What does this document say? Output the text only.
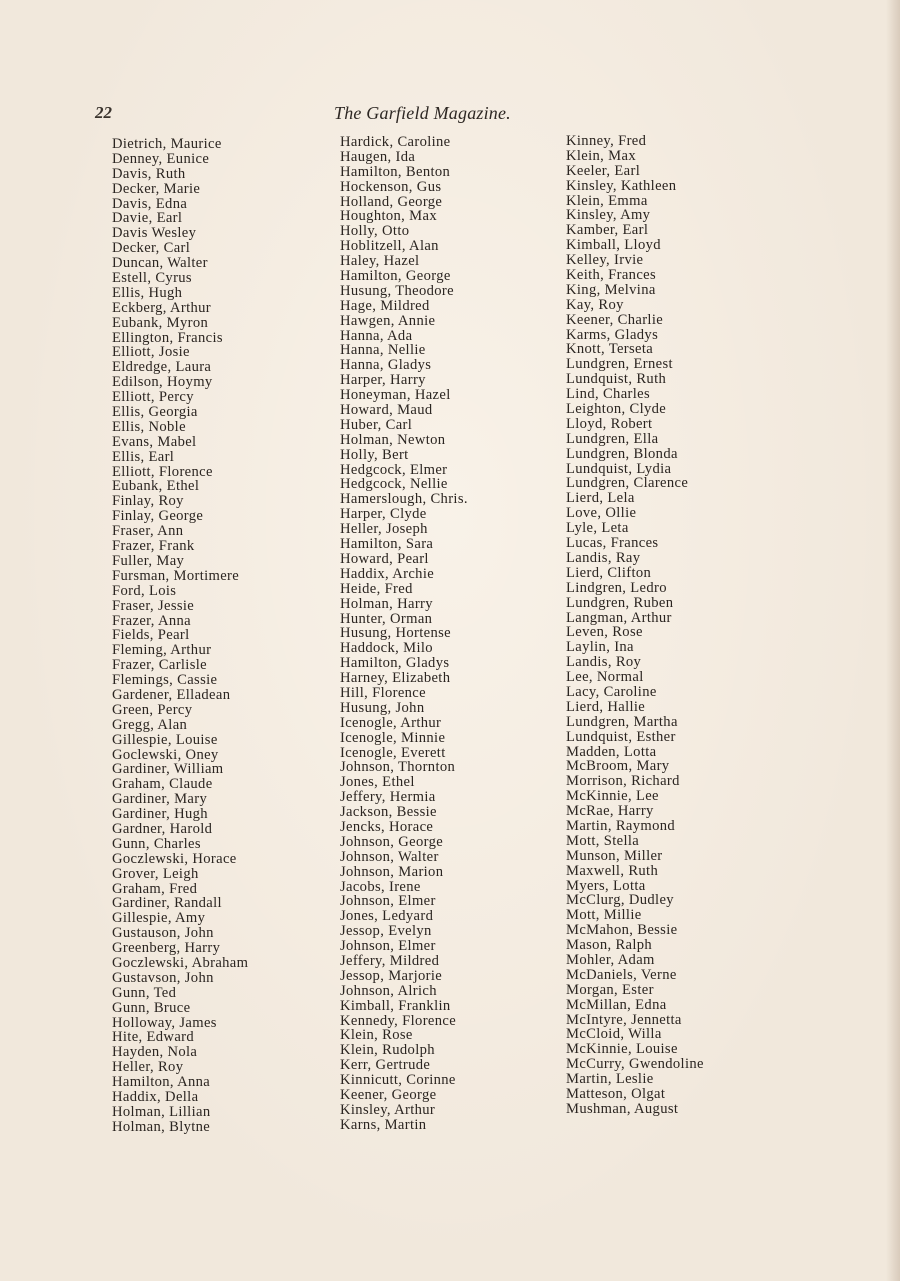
22	The Garfield Magazine.
Dietrich, Maurice
Denney, Eunice
Davis, Ruth
Decker, Marie
Davis, Edna
Davie, Earl
Davis Wesley
Decker, Carl
Duncan, Walter
Estell, Cyrus
Ellis, Hugh
Eckberg, Arthur
Eubank, Myron
Ellington, Francis
Elliott, Josie
Eldredge, Laura
Edilson, Hoymy
Elliott, Percy
Ellis, Georgia
Ellis, Noble
Evans, Mabel
Ellis, Earl
Elliott, Florence
Eubank, Ethel
Finlay, Roy
Finlay, George
Fraser, Ann
Frazer, Frank
Fuller, May
Fursman, Mortimere
Ford, Lois
Fraser, Jessie
Frazer, Anna
Fields, Pearl
Fleming, Arthur
Frazer, Carlisle
Flemings, Cassie
Gardener, Elladean
Green, Percy
Gregg, Alan
Gillespie, Louise
Goclewski, Oney
Gardiner, William
Graham, Claude
Gardiner, Mary
Gardiner, Hugh
Gardner, Harold
Gunn, Charles
Goczlewski, Horace
Grover, Leigh
Graham, Fred
Gardiner, Randall
Gillespie, Amy
Gustauson, John
Greenberg, Harry
Goczlewski, Abraham
Gustavson, John
Gunn, Ted
Gunn, Bruce
Holloway, James
Hite, Edward
Hayden, Nola
Heller, Roy
Hamilton, Anna
Haddix, Della
Holman, Lillian
Holman, Blytne
Hardick, Caroline
Haugen, Ida
Hamilton, Benton
Hockenson, Gus
Holland, George
Houghton, Max
Holly, Otto
Hoblitzell, Alan
Haley, Hazel
Hamilton, George
Husung, Theodore
Hage, Mildred
Hawgen, Annie
Hanna, Ada
Hanna, Nellie
Hanna, Gladys
Harper, Harry
Honeyman, Hazel
Howard, Maud
Huber, Carl
Holman, Newton
Holly, Bert
Hedgcock, Elmer
Hedgcock, Nellie
Hamerslough, Chris.
Harper, Clyde
Heller, Joseph
Hamilton, Sara
Howard, Pearl
Haddix, Archie
Heide, Fred
Holman, Harry
Hunter, Orman
Husung, Hortense
Haddock, Milo
Hamilton, Gladys
Harney, Elizabeth
Hill, Florence
Husung, John
Icenogle, Arthur
Icenogle, Minnie
Icenogle, Everett
Johnson, Thornton
Jones, Ethel
Jeffery, Hermia
Jackson, Bessie
Jencks, Horace
Johnson, George
Johnson, Walter
Johnson, Marion
Jacobs, Irene
Johnson, Elmer
Jones, Ledyard
Jessop, Evelyn
Johnson, Elmer
Jeffery, Mildred
Jessop, Marjorie
Johnson, Alrich
Kimball, Franklin
Kennedy, Florence
Klein, Rose
Klein, Rudolph
Kerr, Gertrude
Kinnicutt, Corinne
Keener, George
Kinsley, Arthur
Karns, Martin
Kinney, Fred
Klein, Max
Keeler, Earl
Kinsley, Kathleen
Klein, Emma
Kinsley, Amy
Kamber, Earl
Kimball, Lloyd
Kelley, Irvie
Keith, Frances
King, Melvina
Kay, Roy
Keener, Charlie
Karms, Gladys
Knott, Terseta
Lundgren, Ernest
Lundquist, Ruth
Lind, Charles
Leighton, Clyde
Lloyd, Robert
Lundgren, Ella
Lundgren, Blonda
Lundquist, Lydia
Lundgren, Clarence
Lierd, Lela
Love, Ollie
Lyle, Leta
Lucas, Frances
Landis, Ray
Lierd, Clifton
Lindgren, Ledro
Lundgren, Ruben
Langman, Arthur
Leven, Rose
Laylin, Ina
Landis, Roy
Lee, Normal
Lacy, Caroline
Lierd, Hallie
Lundgren, Martha
Lundquist, Esther
Madden, Lotta
McBroom, Mary
Morrison, Richard
McKinnie, Lee
McRae, Harry
Martin, Raymond
Mott, Stella
Munson, Miller
Maxwell, Ruth
Myers, Lotta
McClurg, Dudley
Mott, Millie
McMahon, Bessie
Mason, Ralph
Mohler, Adam
McDaniels, Verne
Morgan, Ester
McMillan, Edna
McIntyre, Jennetta
McCloid, Willa
McKinnie, Louise
McCurry, Gwendoline
Martin, Leslie
Matteson, Olgat
Mushman, August
